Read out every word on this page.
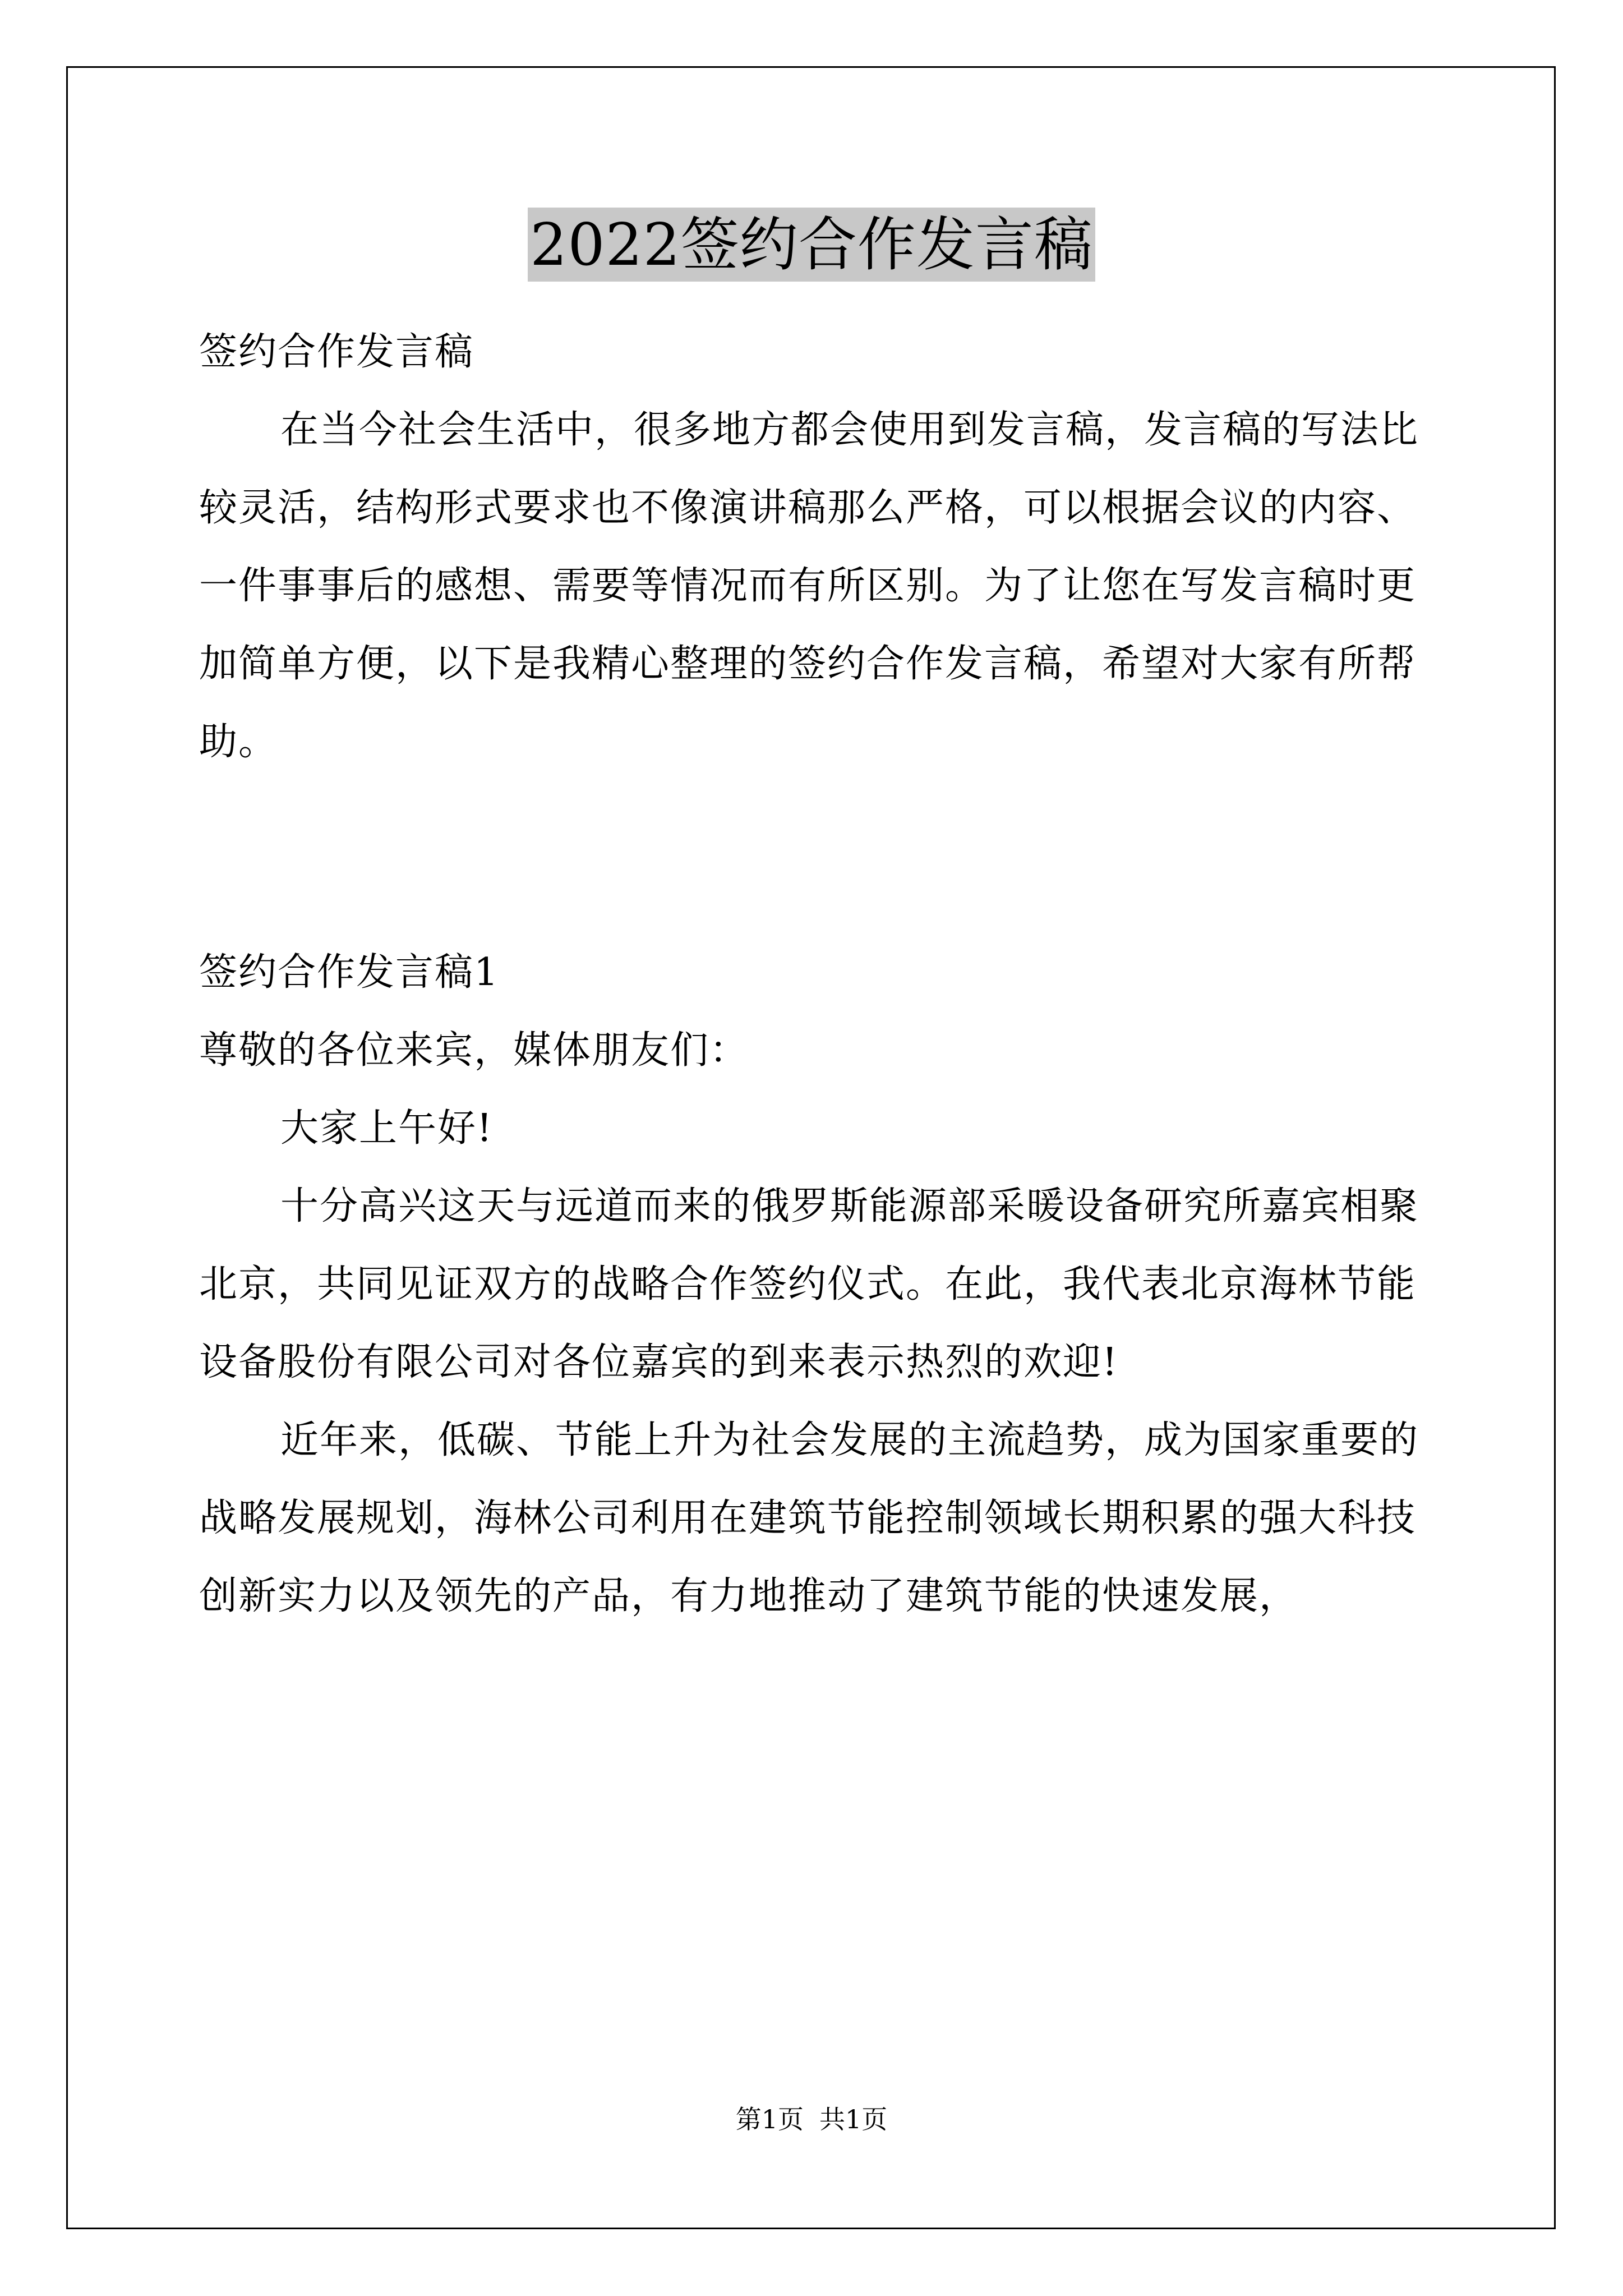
2022签约合作发言稿

签约合作发言稿

在当今社会生活中，很多地方都会使用到发言稿，发言稿的写法比较灵活，结构形式要求也不像演讲稿那么严格，可以根据会议的内容、一件事事后的感想、需要等情况而有所区别。为了让您在写发言稿时更加简单方便，以下是我精心整理的签约合作发言稿，希望对大家有所帮助。

签约合作发言稿1

尊敬的各位来宾，媒体朋友们：

大家上午好!

十分高兴这天与远道而来的俄罗斯能源部采暖设备研究所嘉宾相聚北京，共同见证双方的战略合作签约仪式。在此，我代表北京海林节能设备股份有限公司对各位嘉宾的到来表示热烈的欢迎!

近年来，低碳、节能上升为社会发展的主流趋势，成为国家重要的战略发展规划，海林公司利用在建筑节能控制领域长期积累的强大科技创新实力以及领先的产品，有力地推动了建筑节能的快速发展，

第1页 共1页
